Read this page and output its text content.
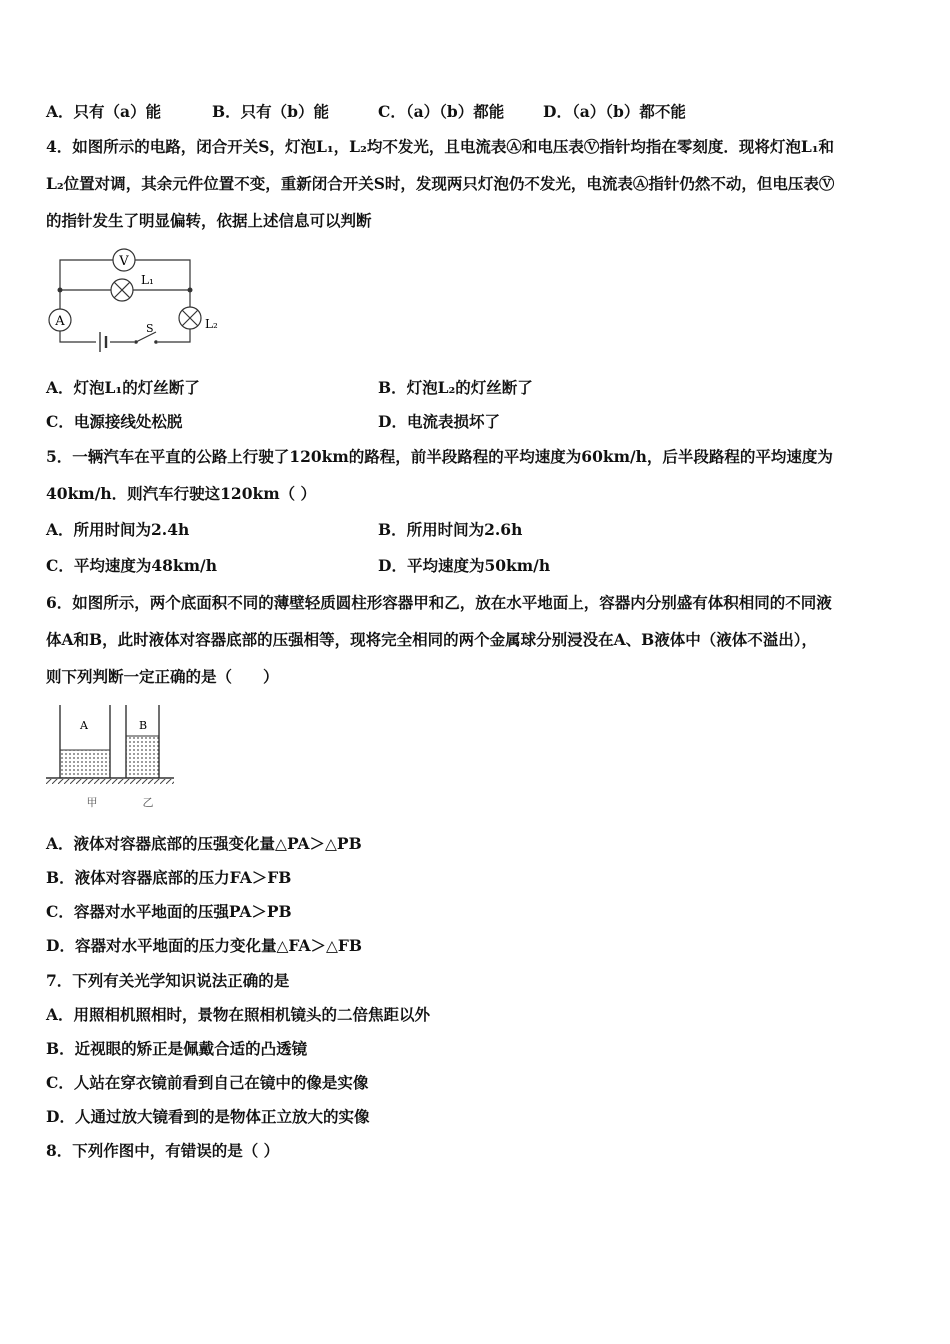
A．只有（a）能	B．只有（b）能	C．（a）（b）都能	D．（a）（b）都不能
4．如图所示的电路，闭合开关S，灯泡L₁，L₂均不发光，且电流表Ⓐ和电压表Ⓥ指针均指在零刻度．现将灯泡L₁和
L₂位置对调，其余元件位置不变，重新闭合开关S时，发现两只灯泡仍不发光，电流表Ⓐ指针仍然不动，但电压表Ⓥ
的指针发生了明显偏转，依据上述信息可以判断
V
L₁
A	L₂
S
A．灯泡L₁的灯丝断了	B．灯泡L₂的灯丝断了
C．电源接线处松脱	D．电流表损坏了
5．一辆汽车在平直的公路上行驶了120km的路程，前半段路程的平均速度为60km/h，后半段路程的平均速度为
40km/h．则汽车行驶这120km（ ）
A．所用时间为2.4h	B．所用时间为2.6h
C．平均速度为48km/h	D．平均速度为50km/h
6．如图所示，两个底面积不同的薄壁轻质圆柱形容器甲和乙，放在水平地面上，容器内分别盛有体积相同的不同液
体A和B，此时液体对容器底部的压强相等，现将完全相同的两个金属球分别浸没在A、B液体中（液体不溢出），
则下列判断一定正确的是（　　）
A	B
甲	乙
A．液体对容器底部的压强变化量△PA＞△PB
B．液体对容器底部的压力FA＞FB
C．容器对水平地面的压强PA＞PB
D．容器对水平地面的压力变化量△FA＞△FB
7．下列有关光学知识说法正确的是
A．用照相机照相时，景物在照相机镜头的二倍焦距以外
B．近视眼的矫正是佩戴合适的凸透镜
C．人站在穿衣镜前看到自己在镜中的像是实像
D．人通过放大镜看到的是物体正立放大的实像
8．下列作图中，有错误的是（ ）
